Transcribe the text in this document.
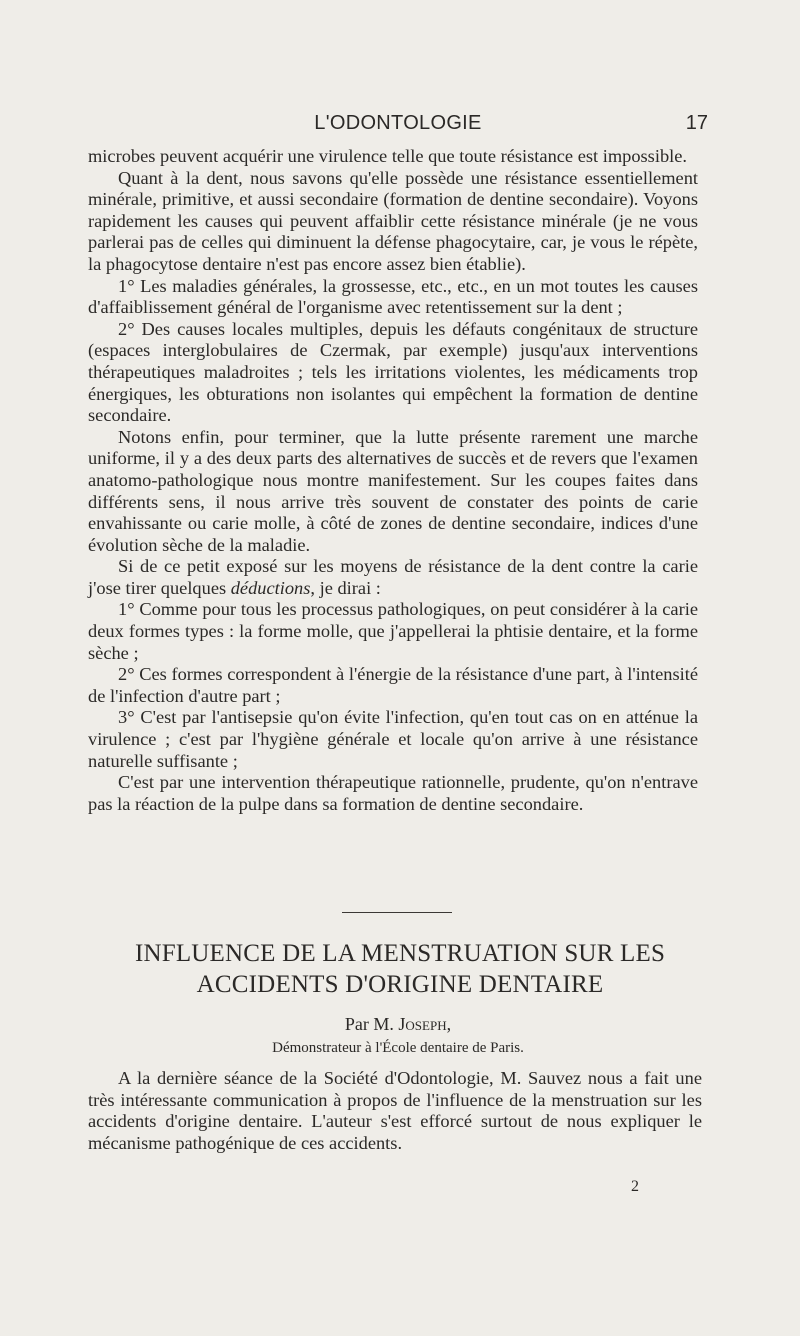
L'ODONTOLOGIE	17

microbes peuvent acquérir une virulence telle que toute résistance est impossible.

Quant à la dent, nous savons qu'elle possède une résistance essentiellement minérale, primitive, et aussi secondaire (formation de dentine secondaire). Voyons rapidement les causes qui peuvent affaiblir cette résistance minérale (je ne vous parlerai pas de celles qui diminuent la défense phagocytaire, car, je vous le répète, la phagocytose dentaire n'est pas encore assez bien établie).

1° Les maladies générales, la grossesse, etc., etc., en un mot toutes les causes d'affaiblissement général de l'organisme avec retentissement sur la dent ;

2° Des causes locales multiples, depuis les défauts congénitaux de structure (espaces interglobulaires de Czermak, par exemple) jusqu'aux interventions thérapeutiques maladroites ; tels les irritations violentes, les médicaments trop énergiques, les obturations non isolantes qui empêchent la formation de dentine secondaire.

Notons enfin, pour terminer, que la lutte présente rarement une marche uniforme, il y a des deux parts des alternatives de succès et de revers que l'examen anatomo-pathologique nous montre manifestement. Sur les coupes faites dans différents sens, il nous arrive très souvent de constater des points de carie envahissante ou carie molle, à côté de zones de dentine secondaire, indices d'une évolution sèche de la maladie.

Si de ce petit exposé sur les moyens de résistance de la dent contre la carie j'ose tirer quelques déductions, je dirai :

1° Comme pour tous les processus pathologiques, on peut considérer à la carie deux formes types : la forme molle, que j'appellerai la phtisie dentaire, et la forme sèche ;

2° Ces formes correspondent à l'énergie de la résistance d'une part, à l'intensité de l'infection d'autre part ;

3° C'est par l'antisepsie qu'on évite l'infection, qu'en tout cas on en atténue la virulence ; c'est par l'hygiène générale et locale qu'on arrive à une résistance naturelle suffisante ;

C'est par une intervention thérapeutique rationnelle, prudente, qu'on n'entrave pas la réaction de la pulpe dans sa formation de dentine secondaire.

INFLUENCE DE LA MENSTRUATION SUR LES ACCIDENTS D'ORIGINE DENTAIRE
Par M. Joseph,
Démonstrateur à l'École dentaire de Paris.

A la dernière séance de la Société d'Odontologie, M. Sauvez nous a fait une très intéressante communication à propos de l'influence de la menstruation sur les accidents d'origine dentaire. L'auteur s'est efforcé surtout de nous expliquer le mécanisme pathogénique de ces accidents.

2
